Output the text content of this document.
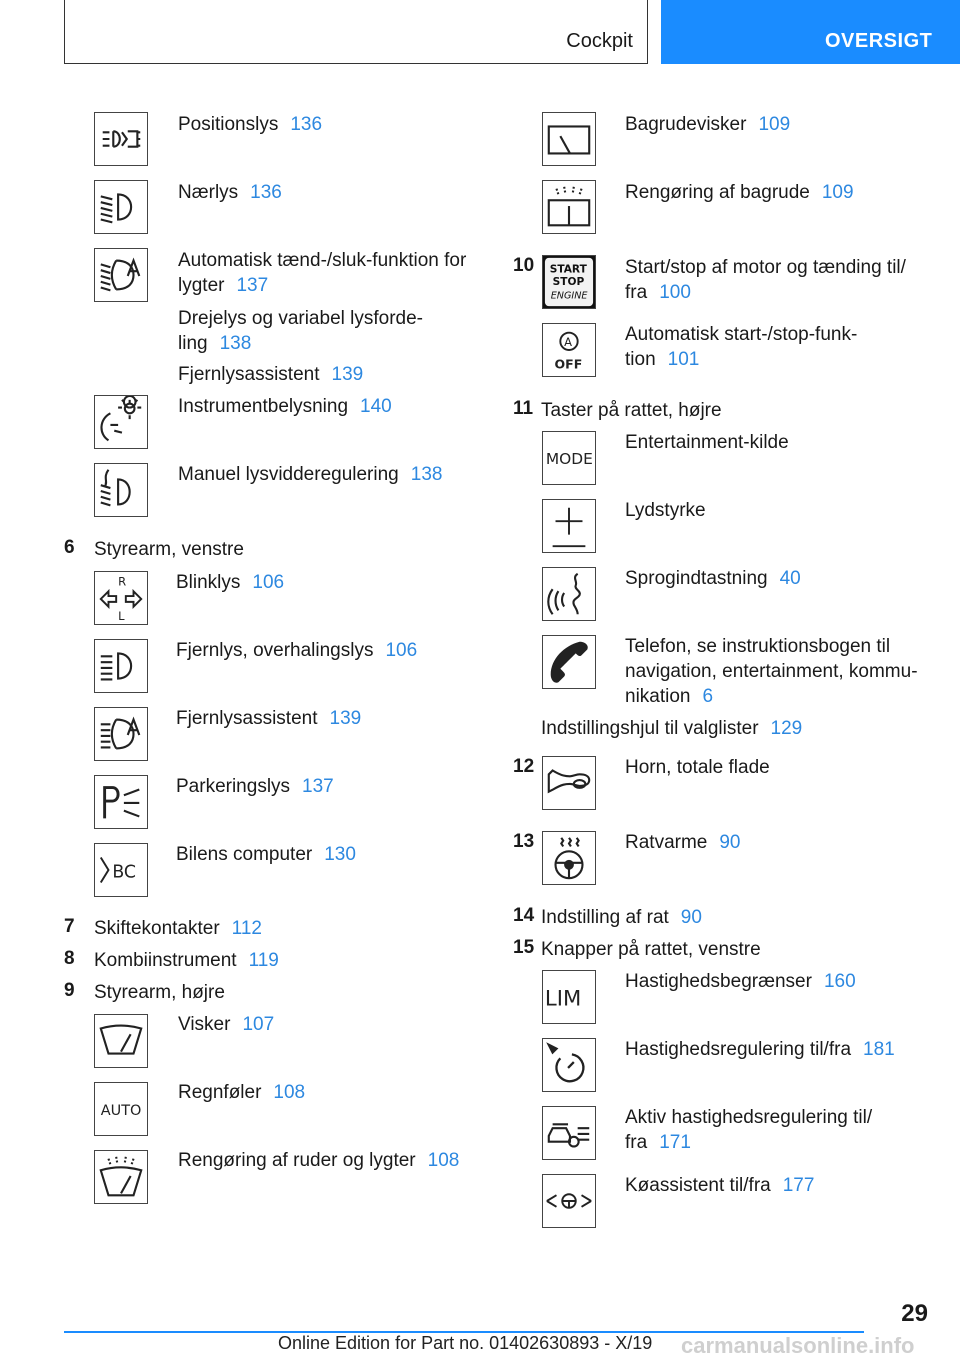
Cockpit	OVERSIGT
Positionslys 136
Nærlys 136
Automatisk tænd-/sluk-funktion for
lygter 137
Drejelys og variabel lysforde-
ling 138
Fjernlysassistent 139
Instrumentbelysning 140
Manuel lysvidderegulering 138
6 Styrearm, venstre
R
L
Blinklys 106
Fjernlys, overhalingslys 106
Fjernlysassistent 139
Parkeringslys 137
BC
Bilens computer 130
7 Skiftekontakter 112
8 Kombiinstrument 119
9 Styrearm, højre
Visker 107
AUTO
Regnføler 108
Rengøring af ruder og lygter 108
Bagrudevisker 109
Rengøring af bagrude 109
10 START
STOP
ENGINE
Start/stop af motor og tænding til/
fra 100
A
OFF
Automatisk start-/stop-funk-
tion 101
11 Taster på rattet, højre
MODE
Entertainment-kilde
Lydstyrke
Sprogindtastning 40
Telefon, se instruktionsbogen til
navigation, entertainment, kommu-
nikation 6
Indstillingshjul til valglister 129
12	Horn, totale flade
13	Ratvarme 90
14 Indstilling af rat 90
15 Knapper på rattet, venstre
LIM
Hastighedsbegrænser 160
Hastighedsregulering til/fra 181
Aktiv hastighedsregulering til/
fra 171
Køassistent til/fra 177
29
Online Edition for Part no. 01402630893 - X/19 carmanualsonline.info
